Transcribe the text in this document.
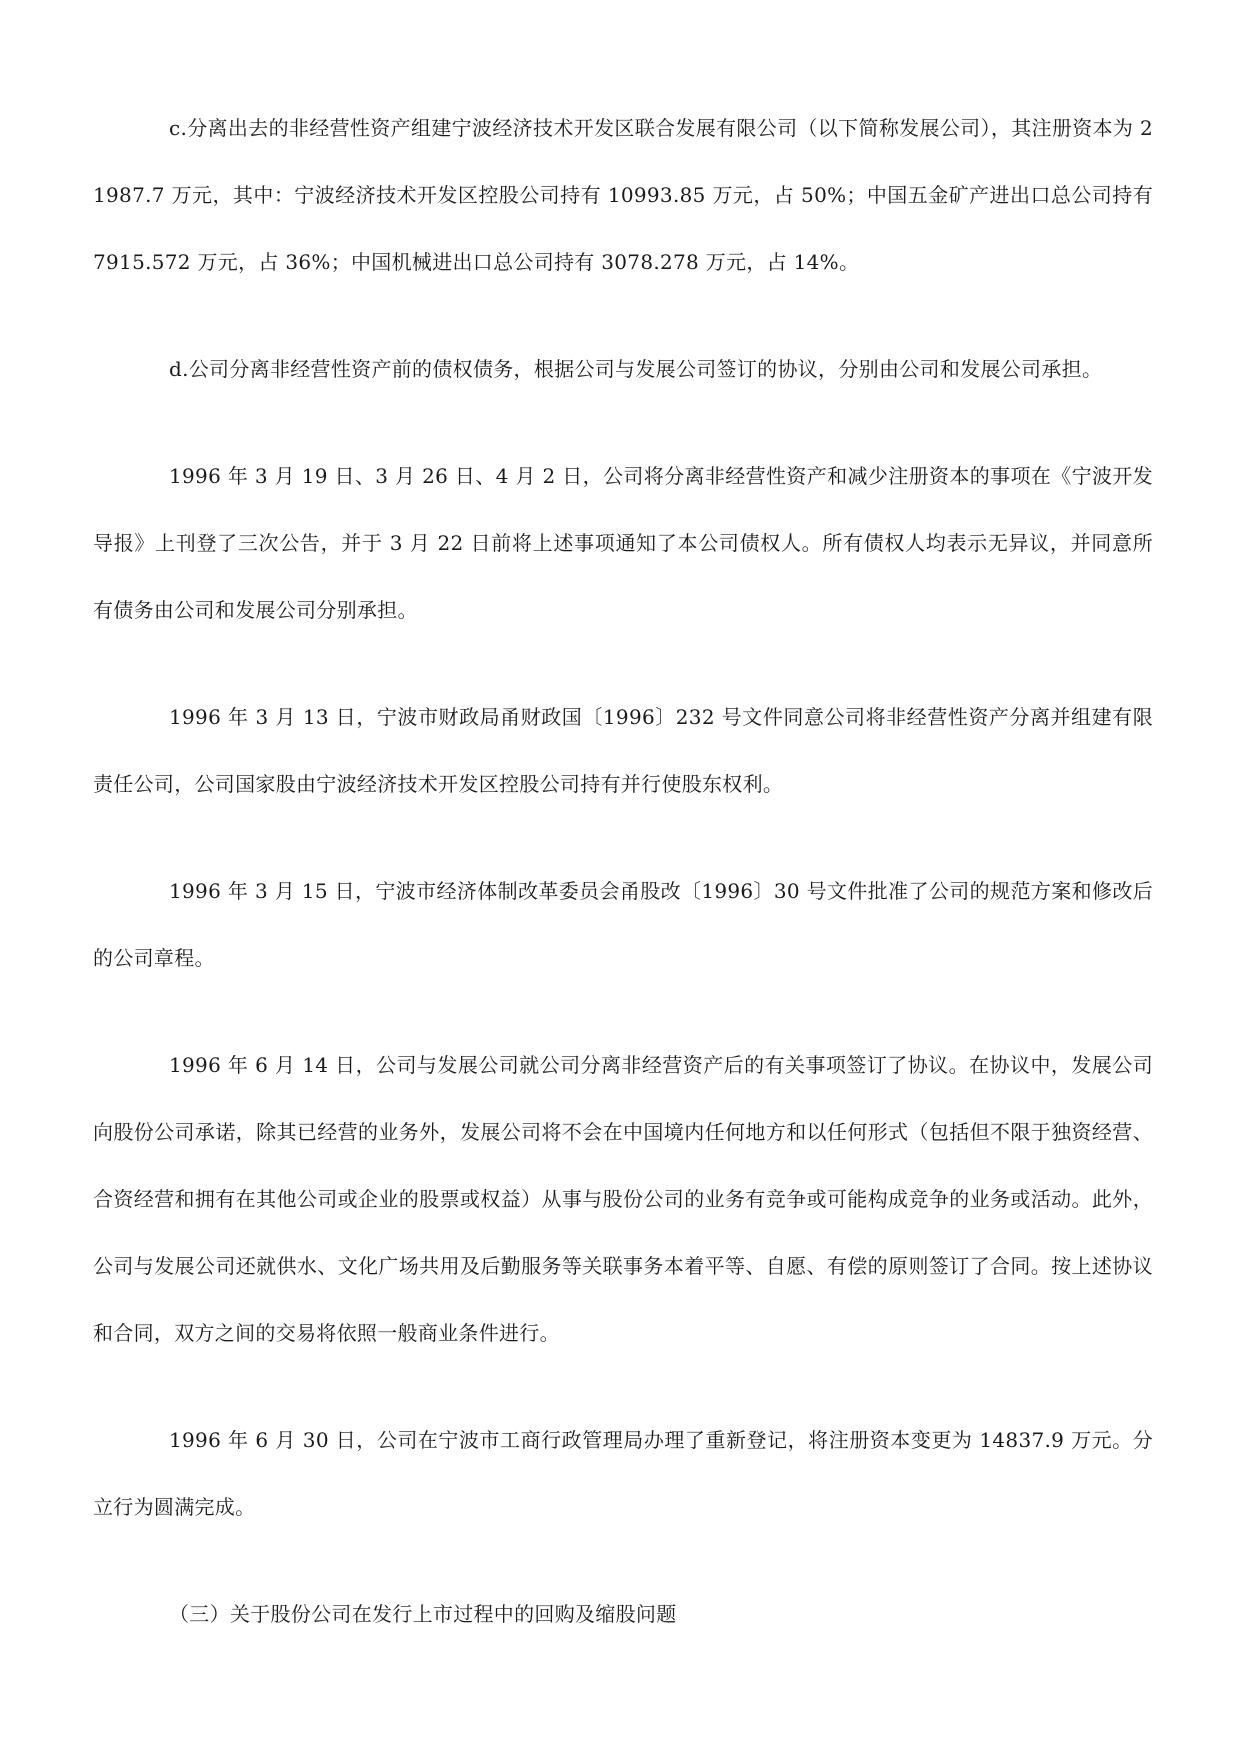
c.分离出去的非经营性资产组建宁波经济技术开发区联合发展有限公司（以下简称发展公司），其注册资本为 21987.7 万元，其中：宁波经济技术开发区控股公司持有 10993.85 万元，占 50%；中国五金矿产进出口总公司持有 7915.572 万元，占 36%；中国机械进出口总公司持有 3078.278 万元，占 14%。

d.公司分离非经营性资产前的债权债务，根据公司与发展公司签订的协议，分别由公司和发展公司承担。

1996 年 3 月 19 日、3 月 26 日、4 月 2 日，公司将分离非经营性资产和减少注册资本的事项在《宁波开发导报》上刊登了三次公告，并于 3 月 22 日前将上述事项通知了本公司债权人。所有债权人均表示无异议，并同意所有债务由公司和发展公司分别承担。

1996 年 3 月 13 日，宁波市财政局甬财政国〔1996〕232 号文件同意公司将非经营性资产分离并组建有限责任公司，公司国家股由宁波经济技术开发区控股公司持有并行使股东权利。

1996 年 3 月 15 日，宁波市经济体制改革委员会甬股改〔1996〕30 号文件批准了公司的规范方案和修改后的公司章程。

1996 年 6 月 14 日，公司与发展公司就公司分离非经营资产后的有关事项签订了协议。在协议中，发展公司向股份公司承诺，除其已经营的业务外，发展公司将不会在中国境内任何地方和以任何形式（包括但不限于独资经营、合资经营和拥有在其他公司或企业的股票或权益）从事与股份公司的业务有竞争或可能构成竞争的业务或活动。此外，公司与发展公司还就供水、文化广场共用及后勤服务等关联事务本着平等、自愿、有偿的原则签订了合同。按上述协议和合同，双方之间的交易将依照一般商业条件进行。

1996 年 6 月 30 日，公司在宁波市工商行政管理局办理了重新登记，将注册资本变更为 14837.9 万元。分立行为圆满完成。

（三）关于股份公司在发行上市过程中的回购及缩股问题
